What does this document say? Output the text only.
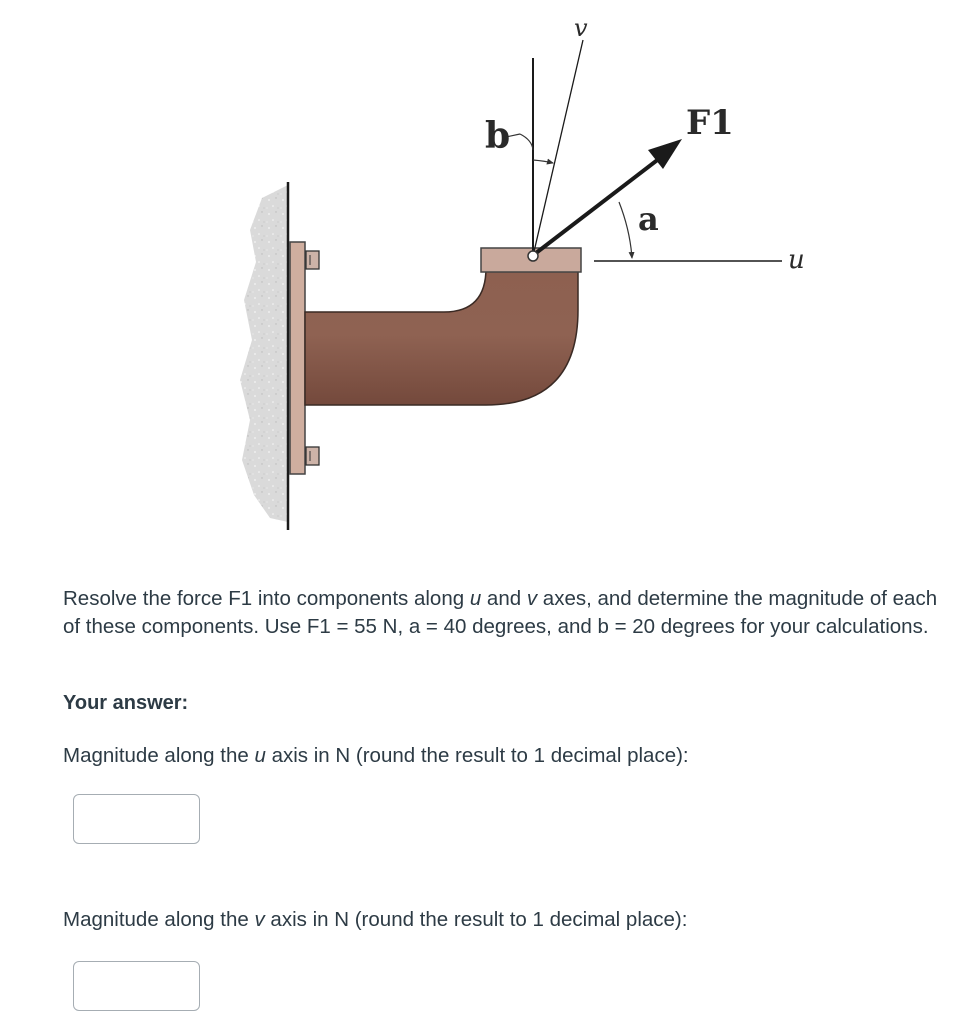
b	F1
a
u
v
Resolve the force F1 into components along u and v axes, and determine the magnitude of each of these components. Use F1 = 55 N, a = 40 degrees, and b = 20 degrees for your calculations.
Your answer:
Magnitude along the u axis in N (round the result to 1 decimal place):
Magnitude along the v axis in N (round the result to 1 decimal place):
